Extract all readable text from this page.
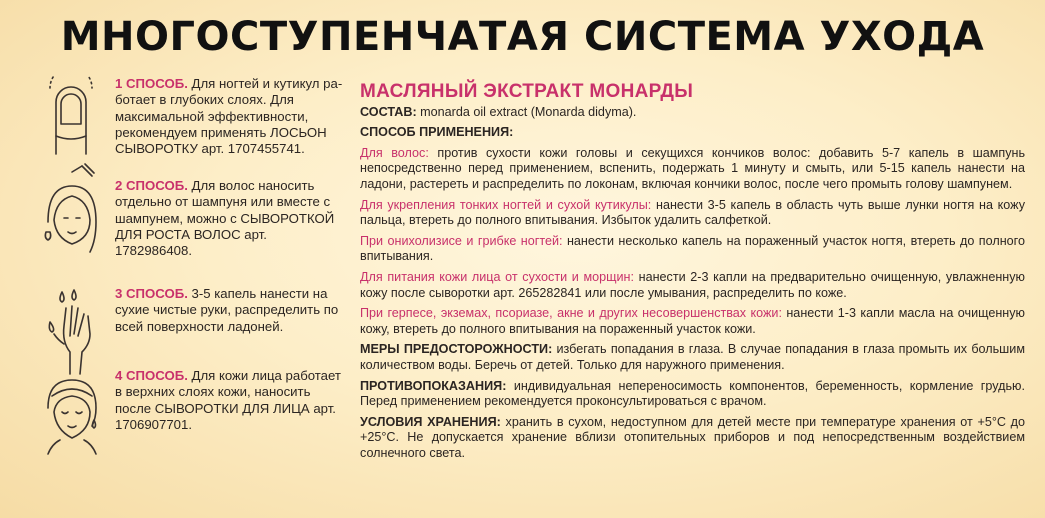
МНОГОСТУПЕНЧАТАЯ СИСТЕМА УХОДА
1 СПОСОБ. Для ногтей и кутикул ра-ботает в глубоких слоях. Для максимальной эффективности, рекомендуем применять ЛОСЬОН СЫВОРОТКУ арт. 1707455741.
2 СПОСОБ. Для волос наносить отдельно от шампуня или вместе с шампунем, можно с СЫВОРОТКОЙ ДЛЯ РОСТА ВОЛОС арт. 1782986408.
3 СПОСОБ. 3-5 капель нанести на сухие чистые руки, распределить по всей поверхности ладоней.
4 СПОСОБ. Для кожи лица работает в верхних слоях кожи, наносить после СЫВОРОТКИ ДЛЯ ЛИЦА арт. 1706907701.
МАСЛЯНЫЙ ЭКСТРАКТ МОНАРДЫ

СОСТАВ: monarda oil extract (Monarda didyma).

СПОСОБ ПРИМЕНЕНИЯ:

Для волос: против сухости кожи головы и секущихся кончиков волос: добавить 5-7 капель в шампунь непосредственно перед применением, вспенить, подержать 1 минуту и смыть, или 5-15 капель нанести на ладони, растереть и распределить по локонам, включая кончики волос, после чего промыть голову шампунем.

Для укрепления тонких ногтей и сухой кутикулы: нанести 3-5 капель в область чуть выше лунки ногтя на кожу пальца, втереть до полного впитывания. Избыток удалить салфеткой.

При онихолизисе и грибке ногтей: нанести несколько капель на пораженный участок ногтя, втереть до полного впитывания.

Для питания кожи лица от сухости и морщин: нанести 2-3 капли на предварительно очищенную, увлажненную кожу после сыворотки арт. 265282841 или после умывания, распределить по коже.

При герпесе, экземах, псориазе, акне и других несовершенствах кожи: нанести 1-3 капли масла на очищенную кожу, втереть до полного впитывания на пораженный участок кожи.

МЕРЫ ПРЕДОСТОРОЖНОСТИ: избегать попадания в глаза. В случае попадания в глаза промыть их большим количеством воды. Беречь от детей. Только для наружного применения.

ПРОТИВОПОКАЗАНИЯ: индивидуальная непереносимость компонентов, беременность, кормление грудью. Перед применением рекомендуется проконсультироваться с врачом.

УСЛОВИЯ ХРАНЕНИЯ: хранить в сухом, недоступном для детей месте при температуре хранения от +5°С до +25°С. Не допускается хранение вблизи отопительных приборов и под непосредственным воздействием солнечного света.
